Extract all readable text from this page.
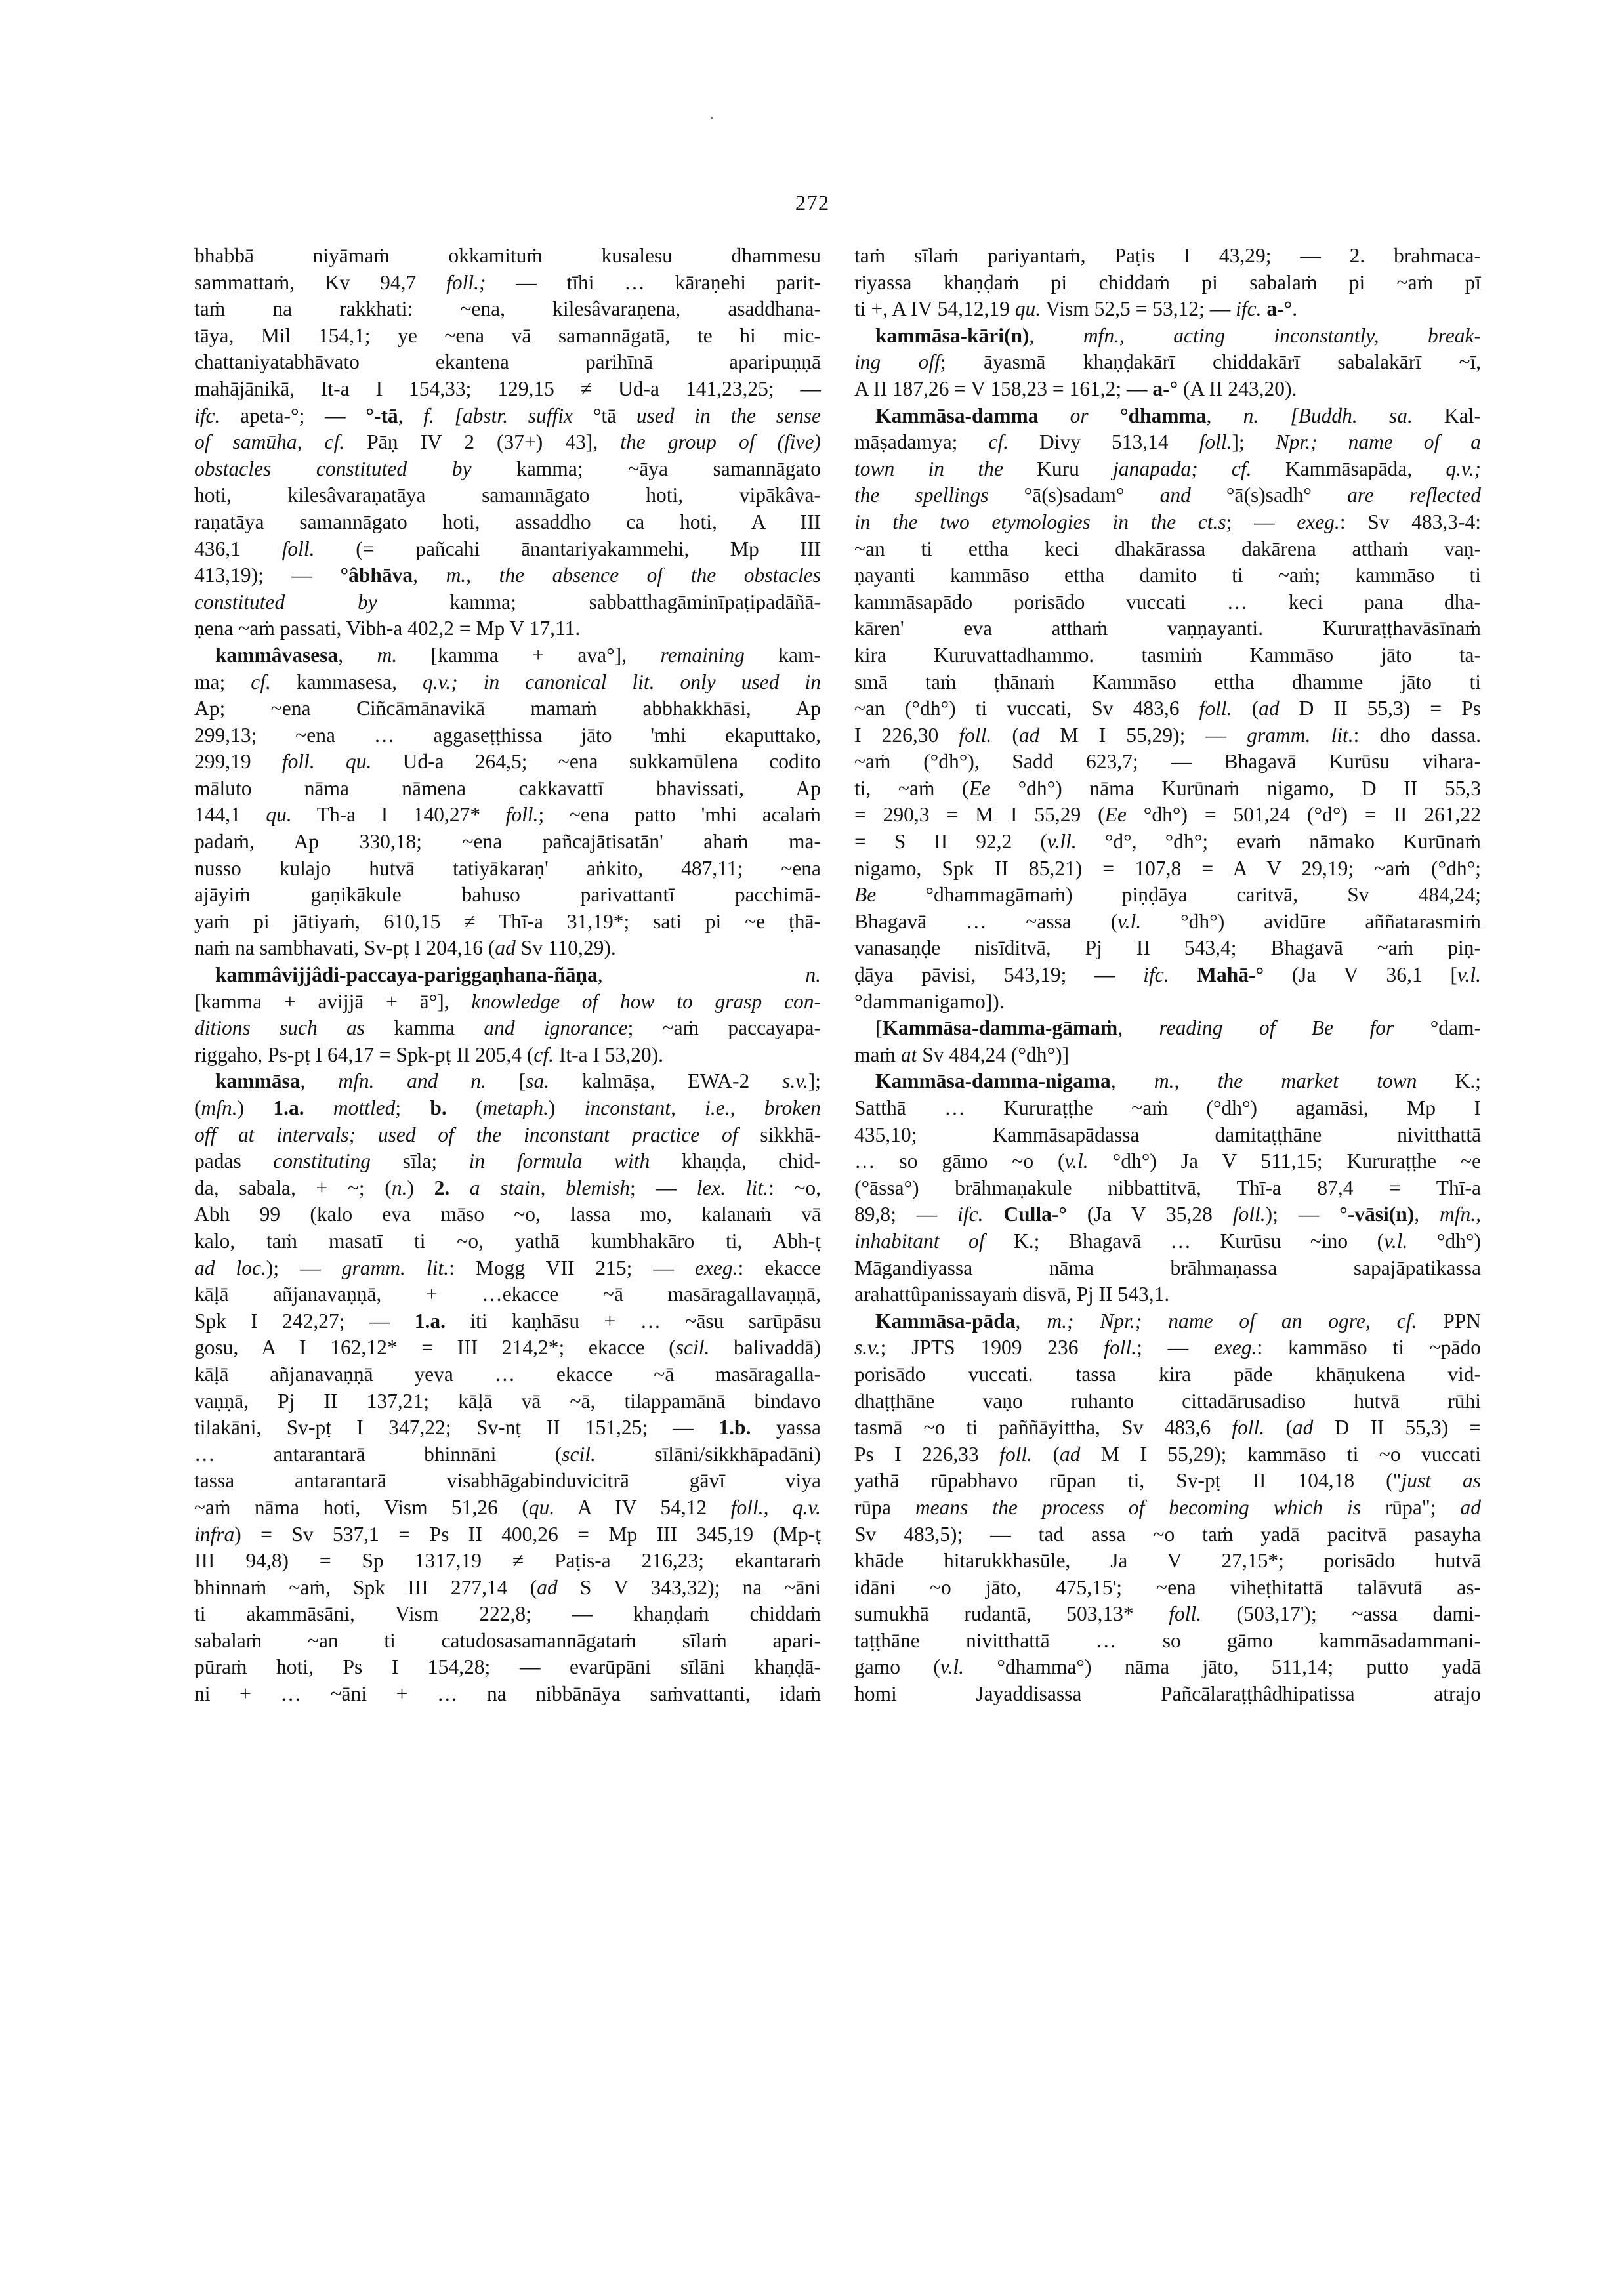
272
bhabbā niyāmaṁ okkamituṁ kusalesu dhammesu
sammattaṁ, Kv 94,7 foll.; — tīhi … kāraṇehi parit-
taṁ na rakkhati: ~ena, kilesâvaraṇena, asaddhana-
tāya, Mil 154,1; ye ~ena vā samannāgatā, te hi mic-
chattaniyatabhāvato ekantena parihīnā aparipuṇṇā
mahājānikā, It-a I 154,33; 129,15 ≠ Ud-a 141,23,25; —
ifc. apeta-°; — °-tā, f. [abstr. suffix °tā used in the sense
of samūha, cf. Pāṇ IV 2 (37+) 43], the group of (five)
obstacles constituted by kamma; ~āya samannāgato
hoti, kilesâvaraṇatāya samannāgato hoti, vipākâva-
raṇatāya samannāgato hoti, assaddho ca hoti, A III
436,1 foll. (= pañcahi ānantariyakammehi, Mp III
413,19); — °âbhāva, m., the absence of the obstacles
constituted by kamma; sabbatthagāminīpaṭipadāñā-
ṇena ~aṁ passati, Vibh-a 402,2 = Mp V 17,11.
kammâvasesa, m. [kamma + ava°], remaining kam-
ma; cf. kammasesa, q.v.; in canonical lit. only used in
Ap; ~ena Ciñcāmānavikā mamaṁ abbhakkhāsi, Ap
299,13; ~ena … aggaseṭṭhissa jāto 'mhi ekaputtako,
299,19 foll. qu. Ud-a 264,5; ~ena sukkamūlena codito
māluto nāma nāmena cakkavattī bhavissati, Ap
144,1 qu. Th-a I 140,27* foll.; ~ena patto 'mhi acalaṁ
padaṁ, Ap 330,18; ~ena pañcajātisatān' ahaṁ ma-
nusso kulajo hutvā tatiyākaraṇ' aṅkito, 487,11; ~ena
ajāyiṁ gaṇikākule bahuso parivattantī pacchimā-
yaṁ pi jātiyaṁ, 610,15 ≠ Thī-a 31,19*; sati pi ~e ṭhā-
naṁ na sambhavati, Sv-pṭ I 204,16 (ad Sv 110,29).
kammâvijjâdi-paccaya-pariggaṇhana-ñāṇa, n.
[kamma + avijjā + ā°], knowledge of how to grasp con-
ditions such as kamma and ignorance; ~aṁ paccayapa-
riggaho, Ps-pṭ I 64,17 = Spk-pṭ II 205,4 (cf. It-a I 53,20).
kammāsa, mfn. and n. [sa. kalmāṣa, EWA-2 s.v.];
(mfn.) 1.a. mottled; b. (metaph.) inconstant, i.e., broken
off at intervals; used of the inconstant practice of sikkhā-
padas constituting sīla; in formula with khaṇḍa, chid-
da, sabala, + ~; (n.) 2. a stain, blemish; — lex. lit.: ~o,
Abh 99 (kalo eva māso ~o, lassa mo, kalanaṁ vā
kalo, taṁ masatī ti ~o, yathā kumbhakāro ti, Abh-ṭ
ad loc.); — gramm. lit.: Mogg VII 215; — exeg.: ekacce
kāḷā añjanavaṇṇā, + …ekacce ~ā masāragallavaṇṇā,
Spk I 242,27; — 1.a. iti kaṇhāsu + … ~āsu sarūpāsu
gosu, A I 162,12* = III 214,2*; ekacce (scil. balivaddā)
kāḷā añjanavaṇṇā yeva … ekacce ~ā masāragalla-
vaṇṇā, Pj II 137,21; kāḷā vā ~ā, tilappamānā bindavo
tilakāni, Sv-pṭ I 347,22; Sv-nṭ II 151,25; — 1.b. yassa
… antarantarā bhinnāni (scil. sīlāni/sikkhāpadāni)
tassa antarantarā visabhāgabinduvicitrā gāvī viya
~aṁ nāma hoti, Vism 51,26 (qu. A IV 54,12 foll., q.v.
infra) = Sv 537,1 = Ps II 400,26 = Mp III 345,19 (Mp-ṭ
III 94,8) = Sp 1317,19 ≠ Paṭis-a 216,23; ekantaraṁ
bhinnaṁ ~aṁ, Spk III 277,14 (ad S V 343,32); na ~āni
ti akammāsāni, Vism 222,8; — khaṇḍaṁ chiddaṁ
sabalaṁ ~an ti catudosasamannāgataṁ sīlaṁ apari-
pūraṁ hoti, Ps I 154,28; — evarūpāni sīlāni khaṇḍā-
ni + … ~āni + … na nibbānāya saṁvattanti, idaṁ
taṁ sīlaṁ pariyantaṁ, Paṭis I 43,29; — 2. brahmaca-
riyassa khaṇḍaṁ pi chiddaṁ pi sabalaṁ pi ~aṁ pī
ti +, A IV 54,12,19 qu. Vism 52,5 = 53,12; — ifc. a-°.
kammāsa-kāri(n), mfn., acting inconstantly, break-
ing off; āyasmā khaṇḍakārī chiddakārī sabalakārī ~ī,
A II 187,26 = V 158,23 = 161,2; — a-° (A II 243,20).
Kammāsa-damma or °dhamma, n. [Buddh. sa. Kal-
māṣadamya; cf. Divy 513,14 foll.]; Npr.; name of a
town in the Kuru janapada; cf. Kammāsapāda, q.v.;
the spellings °ā(s)sadam° and °ā(s)sadh° are reflected
in the two etymologies in the ct.s; — exeg.: Sv 483,3-4:
~an ti ettha keci dhakārassa dakārena atthaṁ vaṇ-
ṇayanti kammāso ettha damito ti ~aṁ; kammāso ti
kammāsapādo porisādo vuccati … keci pana dha-
kāren' eva atthaṁ vaṇṇayanti. Kururaṭṭhavāsīnaṁ
kira Kuruvattadhammo. tasmiṁ Kammāso jāto ta-
smā taṁ ṭhānaṁ Kammāso ettha dhamme jāto ti
~an (°dh°) ti vuccati, Sv 483,6 foll. (ad D II 55,3) = Ps
I 226,30 foll. (ad M I 55,29); — gramm. lit.: dho dassa.
~aṁ (°dh°), Sadd 623,7; — Bhagavā Kurūsu vihara-
ti, ~aṁ (Ee °dh°) nāma Kurūnaṁ nigamo, D II 55,3
= 290,3 = M I 55,29 (Ee °dh°) = 501,24 (°d°) = II 261,22
= S II 92,2 (v.ll. °d°, °dh°; evaṁ nāmako Kurūnaṁ
nigamo, Spk II 85,21) = 107,8 = A V 29,19; ~aṁ (°dh°;
Be °dhammagāmaṁ) piṇḍāya caritvā, Sv 484,24;
Bhagavā … ~assa (v.l. °dh°) avidūre aññatarasmiṁ
vanasaṇḍe nisīditvā, Pj II 543,4; Bhagavā ~aṁ piṇ-
ḍāya pāvisi, 543,19; — ifc. Mahā-° (Ja V 36,1 [v.l.
°dammanigamo]).
[Kammāsa-damma-gāmaṁ, reading of Be for °dam-
maṁ at Sv 484,24 (°dh°)]
Kammāsa-damma-nigama, m., the market town K.;
Satthā … Kururaṭṭhe ~aṁ (°dh°) agamāsi, Mp I
435,10; Kammāsapādassa damitaṭṭhāne nivitthattā
… so gāmo ~o (v.l. °dh°) Ja V 511,15; Kururaṭṭhe ~e
(°āssa°) brāhmaṇakule nibbattitvā, Thī-a 87,4 = Thī-a
89,8; — ifc. Culla-° (Ja V 35,28 foll.); — °-vāsi(n), mfn.,
inhabitant of K.; Bhagavā … Kurūsu ~ino (v.l. °dh°)
Māgandiyassa nāma brāhmaṇassa sapajāpatikassa
arahattûpanissayaṁ disvā, Pj II 543,1.
Kammāsa-pāda, m.; Npr.; name of an ogre, cf. PPN
s.v.; JPTS 1909 236 foll.; — exeg.: kammāso ti ~pādo
porisādo vuccati. tassa kira pāde khāṇukena vid-
dhaṭṭhāne vaṇo ruhanto cittadārusadiso hutvā rūhi
tasmā ~o ti paññāyittha, Sv 483,6 foll. (ad D II 55,3) =
Ps I 226,33 foll. (ad M I 55,29); kammāso ti ~o vuccati
yathā rūpabhavo rūpan ti, Sv-pṭ II 104,18 ("just as
rūpa means the process of becoming which is rūpa"; ad
Sv 483,5); — tad assa ~o taṁ yadā pacitvā pasayha
khāde hitarukkhasūle, Ja V 27,15*; porisādo hutvā
idāni ~o jāto, 475,15'; ~ena viheṭhitattā talāvutā as-
sumukhā rudantā, 503,13* foll. (503,17'); ~assa dami-
taṭṭhāne nivitthattā … so gāmo kammāsadammani-
gamo (v.l. °dhamma°) nāma jāto, 511,14; putto yadā
homi Jayaddisassa Pañcālaraṭṭhâdhipatissa atrajo
